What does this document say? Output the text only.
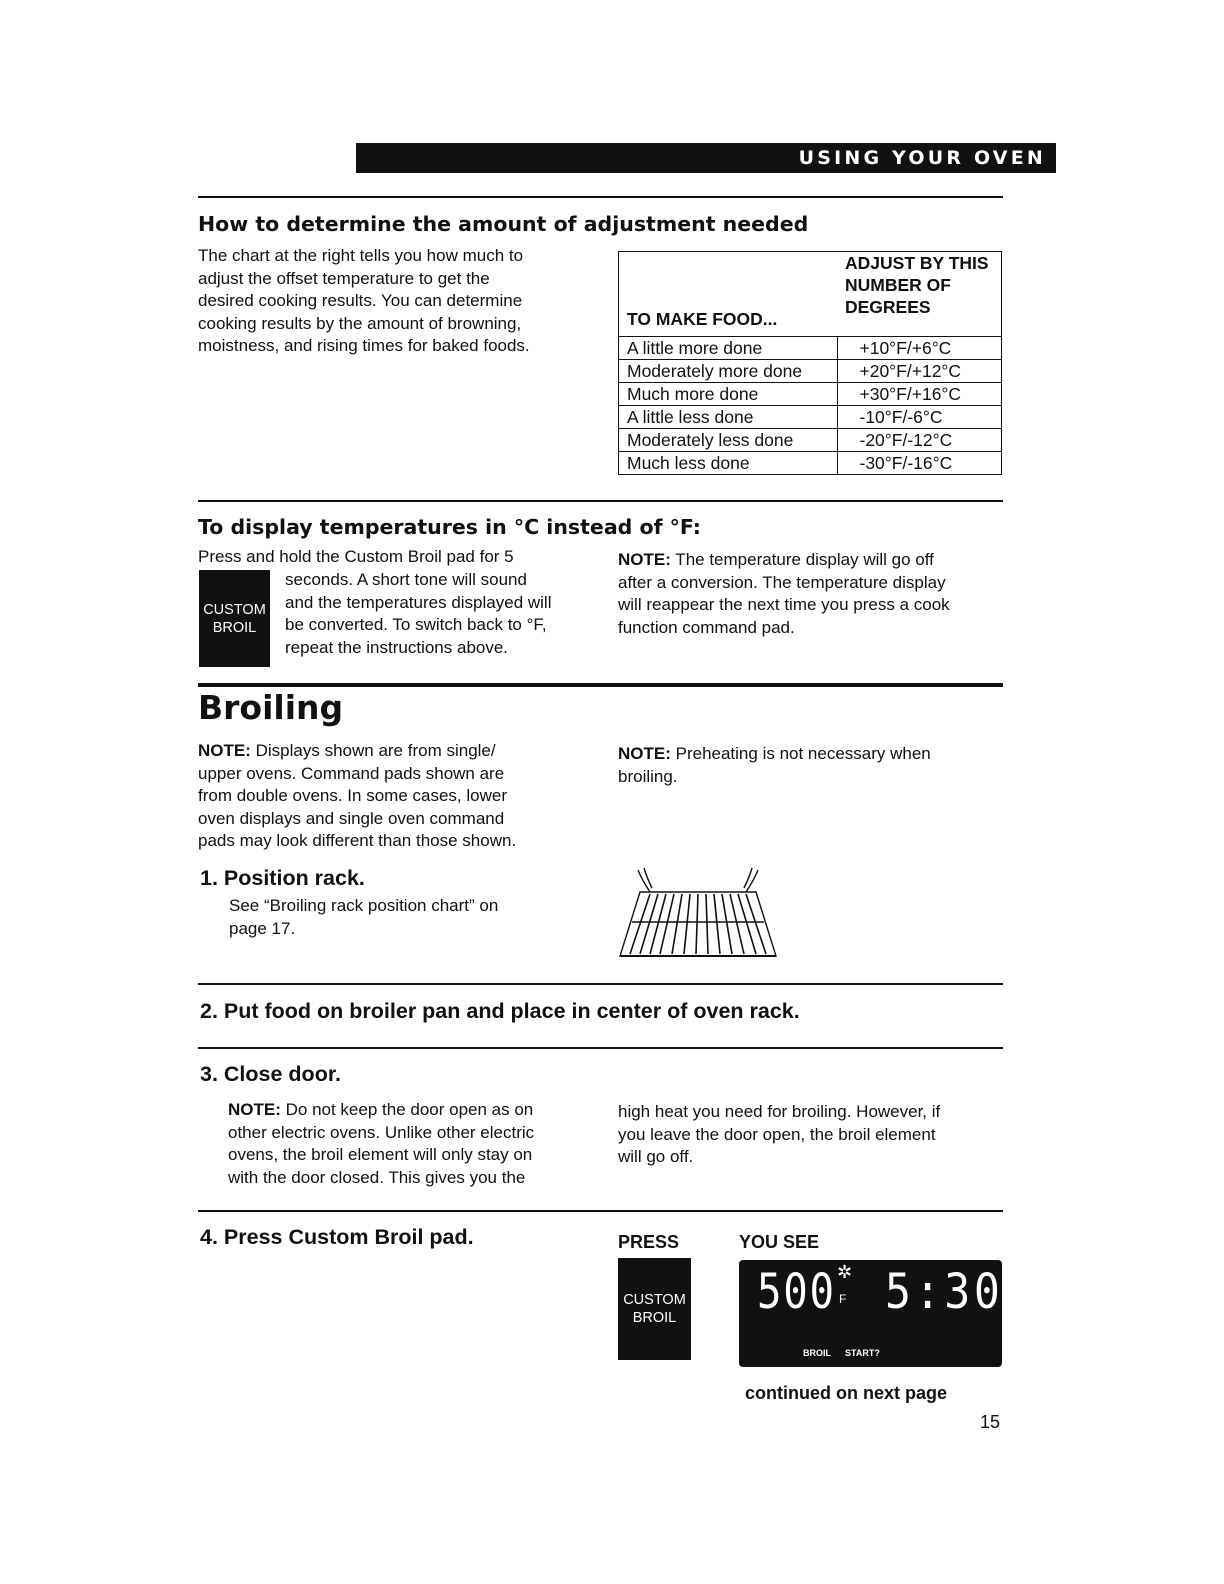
USING YOUR OVEN
How to determine the amount of adjustment needed

The chart at the right tells you how much to

adjust the offset temperature to get the

desired cooking results. You can determine

cooking results by the amount of browning,

moistness, and rising times for baked foods.

TO MAKE FOOD...	ADJUST BY THIS
NUMBER OF
DEGREES

A little more done	+10°F/+6°C
Moderately more done	+20°F/+12°C
Much more done	+30°F/+16°C
A little less done	-10°F/-6°C
Moderately less done	-20°F/-12°C
Much less done	-30°F/-16°C
To display temperatures in °C instead of °F:
Press and hold the Custom Broil pad for 5
CUSTOM
BROIL

seconds. A short tone will sound

and the temperatures displayed will

be converted. To switch back to °F,

repeat the instructions above.

NOTE: The temperature display will go off

after a conversion. The temperature display

will reappear the next time you press a cook

function command pad.

Broiling

NOTE: Displays shown are from single/

upper ovens. Command pads shown are

from double ovens. In some cases, lower

oven displays and single oven command

pads may look different than those shown.

NOTE: Preheating is not necessary when

broiling.

1. Position rack.

See “Broiling rack position chart” on

page 17.

2. Put food on broiler pan and place in center of oven rack.
3. Close door.

NOTE: Do not keep the door open as on

other electric ovens. Unlike other electric

ovens, the broil element will only stay on

with the door closed. This gives you the

high heat you need for broiling. However, if

you leave the door open, the broil element

will go off.

4. Press Custom Broil pad.	PRESS	YOU SEE
CUSTOM
BROIL	500 ✲
F 5:30
BROIL START?
continued on next page
15
